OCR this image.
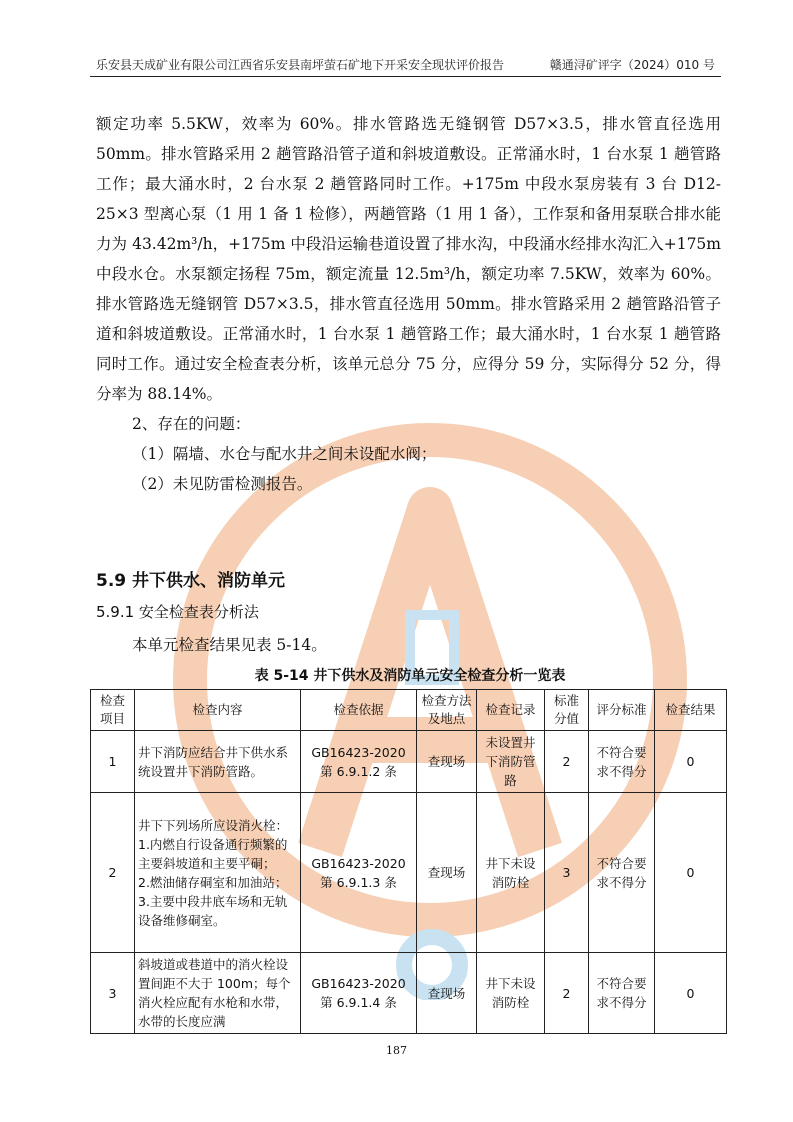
乐安县天成矿业有限公司江西省乐安县南坪萤石矿地下开采安全现状评价报告	赣通浔矿评字（2024）010 号

额定功率 5.5KW，效率为 60%。排水管路选无缝钢管 D57×3.5，排水管直径选用 50mm。排水管路采用 2 趟管路沿管子道和斜坡道敷设。正常涌水时，1 台水泵 1 趟管路工作；最大涌水时，2 台水泵 2 趟管路同时工作。+175m 中段水泵房装有 3 台 D12-25×3 型离心泵（1 用 1 备 1 检修），两趟管路（1 用 1 备），工作泵和备用泵联合排水能力为 43.42m³/h，+175m 中段沿运输巷道设置了排水沟，中段涌水经排水沟汇入+175m 中段水仓。水泵额定扬程 75m，额定流量 12.5m³/h，额定功率 7.5KW，效率为 60%。排水管路选无缝钢管 D57×3.5，排水管直径选用 50mm。排水管路采用 2 趟管路沿管子道和斜坡道敷设。正常涌水时，1 台水泵 1 趟管路工作；最大涌水时，1 台水泵 1 趟管路同时工作。通过安全检查表分析，该单元总分 75 分，应得分 59 分，实际得分 52 分，得分率为 88.14%。

2、存在的问题：

（1）隔墙、水仓与配水井之间未设配水阀；

（2）未见防雷检测报告。

5.9 井下供水、消防单元
5.9.1 安全检查表分析法
本单元检查结果见表 5-14。
表 5-14 井下供水及消防单元安全检查分析一览表
检查项目	检查内容	检查依据	检查方法及地点	检查记录	标准分值	评分标准	检查结果
1	井下消防应结合井下供水系统设置井下消防管路。	GB16423-2020 第 6.9.1.2 条	查现场	未设置井下消防管路	2	不符合要求不得分	0
2	井下下列场所应设消火栓：1.内燃自行设备通行频繁的主要斜坡道和主要平硐；
2.燃油储存硐室和加油站；
3.主要中段井底车场和无轨设备维修硐室。	GB16423-2020 第 6.9.1.3 条	查现场	井下未设消防栓	3	不符合要求不得分	0
3	斜坡道或巷道中的消火栓设置间距不大于 100m；每个消火栓应配有水枪和水带，水带的长度应满	GB16423-2020 第 6.9.1.4 条	查现场	井下未设消防栓	2	不符合要求不得分	0
187
